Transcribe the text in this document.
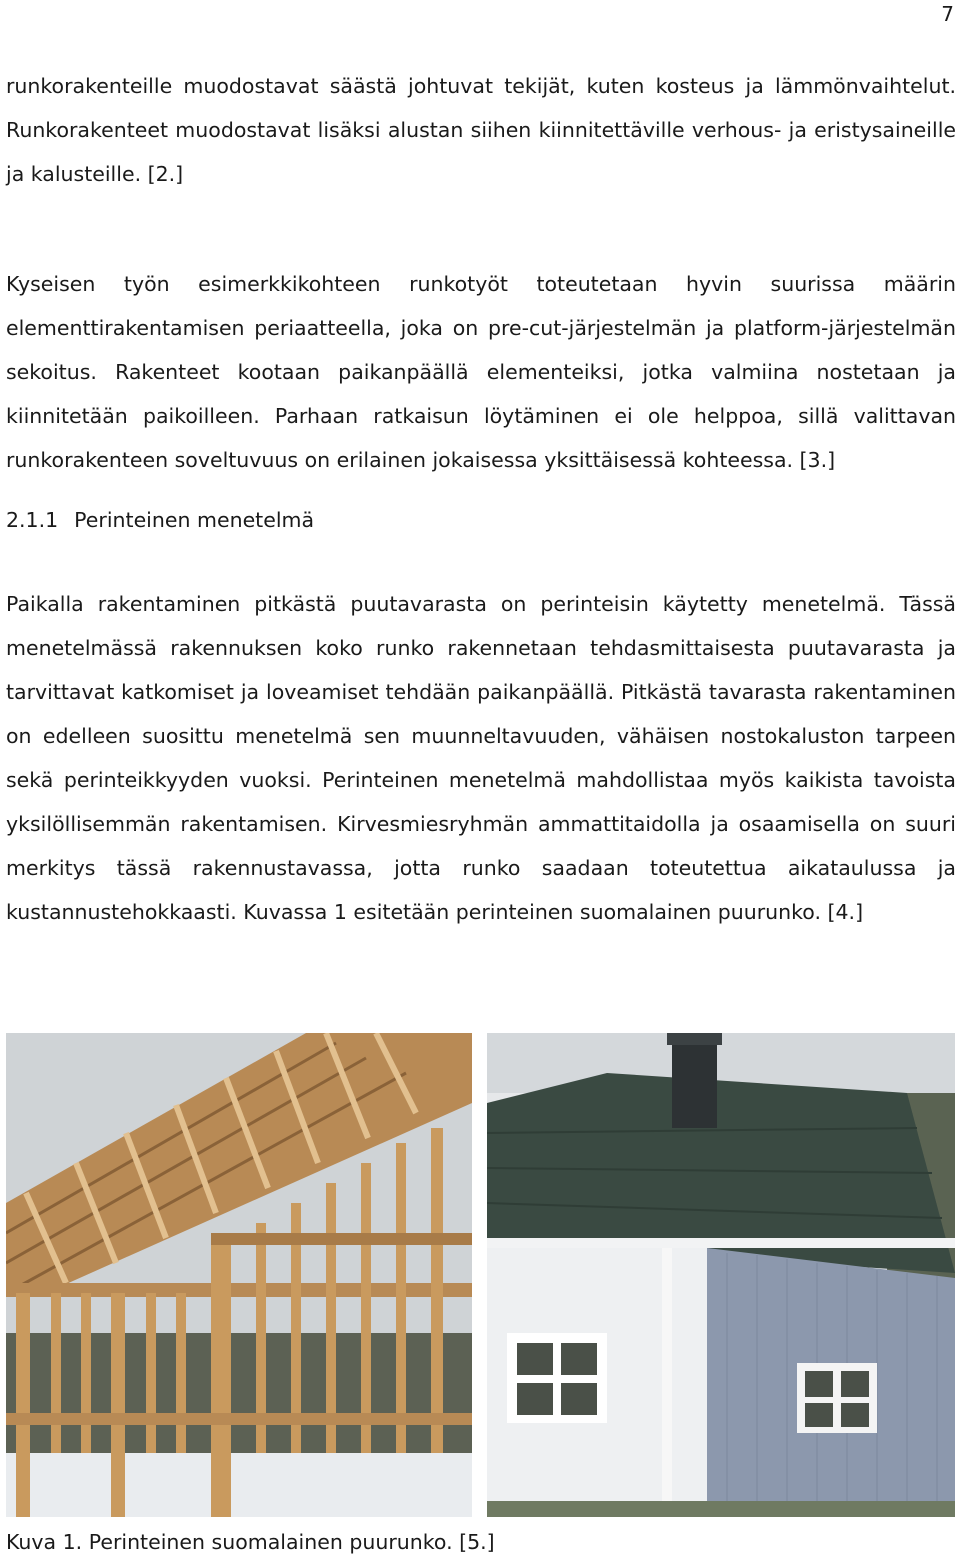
7

runkorakenteille muodostavat säästä johtuvat tekijät, kuten kosteus ja lämmönvaihtelut. Runkorakenteet muodostavat lisäksi alustan siihen kiinnitettäville verhous- ja eristysaineille ja kalusteille. [2.]

Kyseisen työn esimerkkikohteen runkotyöt toteutetaan hyvin suurissa määrin elementtirakentamisen periaatteella, joka on pre-cut-järjestelmän ja platform-järjestelmän sekoitus. Rakenteet kootaan paikanpäällä elementeiksi, jotka valmiina nostetaan ja kiinnitetään paikoilleen. Parhaan ratkaisun löytäminen ei ole helppoa, sillä valittavan runkorakenteen soveltuvuus on erilainen jokaisessa yksittäisessä kohteessa. [3.]

2.1.1 Perinteinen menetelmä

Paikalla rakentaminen pitkästä puutavarasta on perinteisin käytetty menetelmä. Tässä menetelmässä rakennuksen koko runko rakennetaan tehdasmittaisesta puutavarasta ja tarvittavat katkomiset ja loveamiset tehdään paikanpäällä. Pitkästä tavarasta rakentaminen on edelleen suosittu menetelmä sen muunneltavuuden, vähäisen nostokaluston tarpeen sekä perinteikkyyden vuoksi. Perinteinen menetelmä mahdollistaa myös kaikista tavoista yksilöllisemmän rakentamisen. Kirvesmiesryhmän ammattitaidolla ja osaamisella on suuri merkitys tässä rakennustavassa, jotta runko saadaan toteutettua aikataulussa ja kustannustehokkaasti. Kuvassa 1 esitetään perinteinen suomalainen puurunko. [4.]

Kuva 1. Perinteinen suomalainen puurunko. [5.]
